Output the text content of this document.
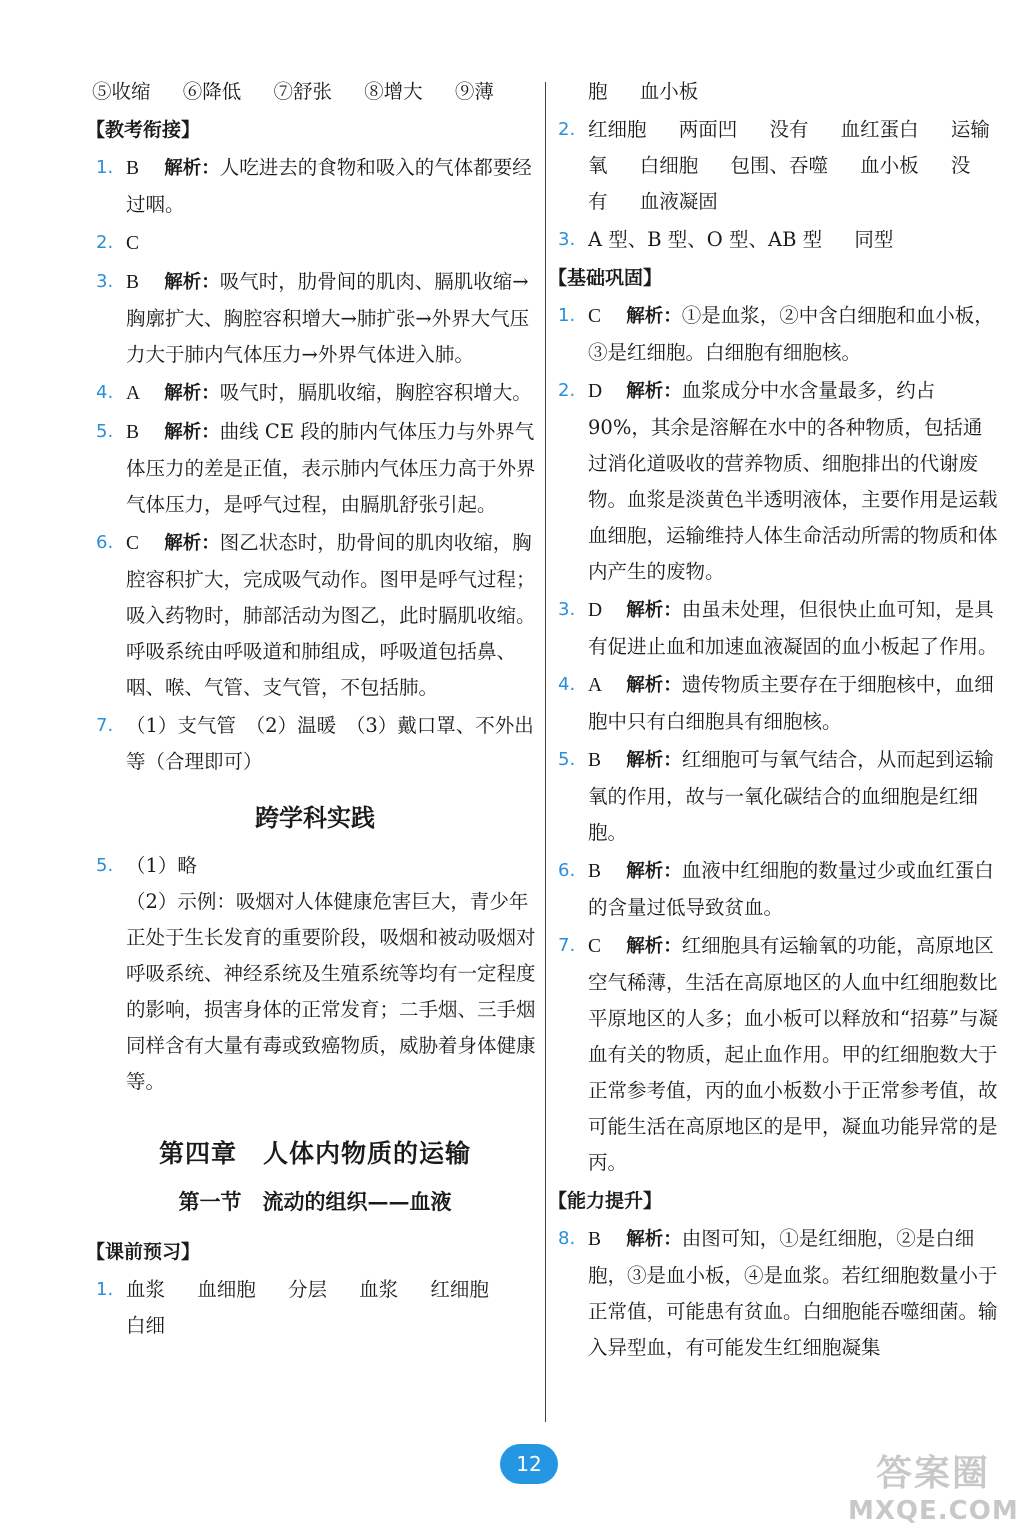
⑤收缩 ⑥降低 ⑦舒张 ⑧增大 ⑨薄
【教考衔接】
1. B 解析：人吃进去的食物和吸入的气体都要经过咽。
2. C
3. B 解析：吸气时，肋骨间的肌肉、膈肌收缩→胸廓扩大、胸腔容积增大→肺扩张→外界大气压力大于肺内气体压力→外界气体进入肺。
4. A 解析：吸气时，膈肌收缩，胸腔容积增大。
5. B 解析：曲线 CE 段的肺内气体压力与外界气体压力的差是正值，表示肺内气体压力高于外界气体压力，是呼气过程，由膈肌舒张引起。
6. C 解析：图乙状态时，肋骨间的肌肉收缩，胸腔容积扩大，完成吸气动作。图甲是呼气过程；吸入药物时，肺部活动为图乙，此时膈肌收缩。呼吸系统由呼吸道和肺组成，呼吸道包括鼻、咽、喉、气管、支气管，不包括肺。
7. （1）支气管　（2）温暖　（3）戴口罩、不外出等（合理即可）
跨学科实践
5. （1）略
（2）示例：吸烟对人体健康危害巨大，青少年正处于生长发育的重要阶段，吸烟和被动吸烟对呼吸系统、神经系统及生殖系统等均有一定程度的影响，损害身体的正常发育；二手烟、三手烟同样含有大量有毒或致癌物质，威胁着身体健康等。
第四章　人体内物质的运输
第一节　流动的组织——血液
【课前预习】
1. 血浆 血细胞 分层 血浆 红细胞 白细
胞 血小板
2. 红细胞 两面凹 没有 血红蛋白 运输氧 白细胞 包围、吞噬 血小板 没有 血液凝固
3. A 型、B 型、O 型、AB 型 同型
【基础巩固】
1. C 解析：①是血浆，②中含白细胞和血小板，③是红细胞。白细胞有细胞核。
2. D 解析：血浆成分中水含量最多，约占 90%，其余是溶解在水中的各种物质，包括通过消化道吸收的营养物质、细胞排出的代谢废物。血浆是淡黄色半透明液体，主要作用是运载血细胞，运输维持人体生命活动所需的物质和体内产生的废物。
3. D 解析：由虽未处理，但很快止血可知，是具有促进止血和加速血液凝固的血小板起了作用。
4. A 解析：遗传物质主要存在于细胞核中，血细胞中只有白细胞具有细胞核。
5. B 解析：红细胞可与氧气结合，从而起到运输氧的作用，故与一氧化碳结合的血细胞是红细胞。
6. B 解析：血液中红细胞的数量过少或血红蛋白的含量过低导致贫血。
7. C 解析：红细胞具有运输氧的功能，高原地区空气稀薄，生活在高原地区的人血中红细胞数比平原地区的人多；血小板可以释放和“招募”与凝血有关的物质，起止血作用。甲的红细胞数大于正常参考值，丙的血小板数小于正常参考值，故可能生活在高原地区的是甲，凝血功能异常的是丙。
【能力提升】
8. B 解析：由图可知，①是红细胞，②是白细胞，③是血小板，④是血浆。若红细胞数量小于正常值，可能患有贫血。白细胞能吞噬细菌。输入异型血，有可能发生红细胞凝集
12	答案圈
MXQE.COM
